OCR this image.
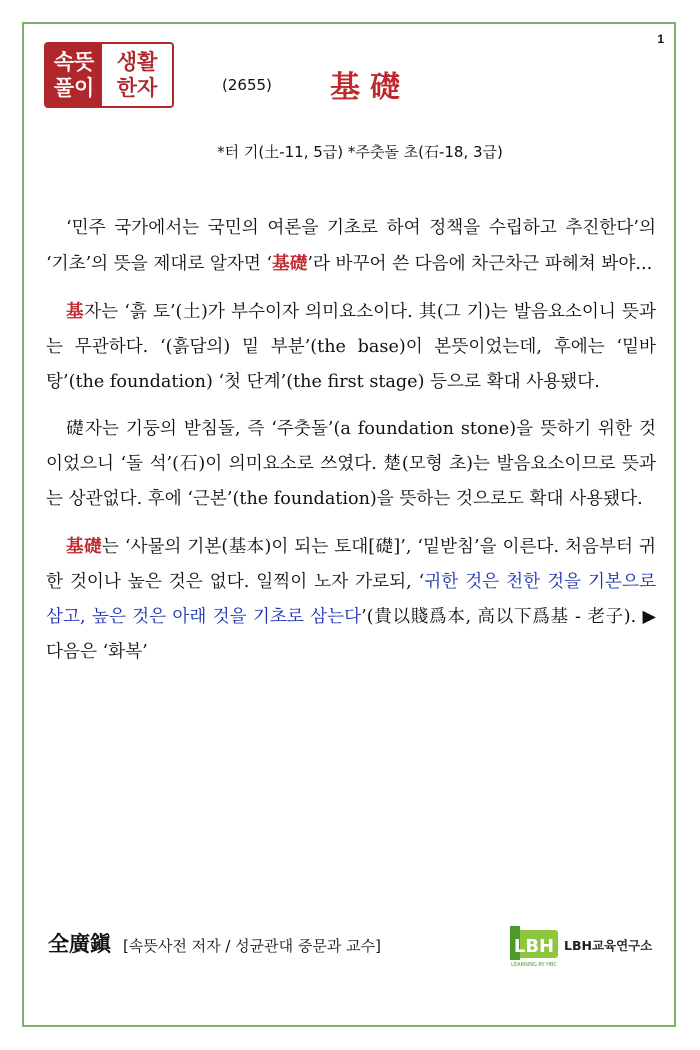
1
속뜻
풀이
생활
한자	(2655) 基礎
*터 기(土-11, 5급) *주춧돌 초(石-18, 3급)

‘민주 국가에서는 국민의 여론을 기초로 하여 정책을 수립하고 추진한다’의 ‘기초’의 뜻을 제대로 알자면 ‘基礎’라 바꾸어 쓴 다음에 차근차근 파헤쳐 봐야...

基자는 ‘흙 토’(土)가 부수이자 의미요소이다. 其(그 기)는 발음요소이니 뜻과는 무관하다. ‘(흙담의) 밑 부분’(the base)이 본뜻이었는데, 후에는 ‘밑바탕’(the foundation) ‘첫 단계’(the first stage) 등으로 확대 사용됐다.

礎자는 기둥의 받침돌, 즉 ‘주춧돌’(a foundation stone)을 뜻하기 위한 것이었으니 ‘돌 석’(石)이 의미요소로 쓰였다. 楚(모형 초)는 발음요소이므로 뜻과는 상관없다. 후에 ‘근본’(the foundation)을 뜻하는 것으로도 확대 사용됐다.

基礎는 ‘사물의 기본(基本)이 되는 토대[礎]’, ‘밑받침’을 이른다. 처음부터 귀한 것이나 높은 것은 없다. 일찍이 노자 가로되, ‘귀한 것은 천한 것을 기본으로 삼고, 높은 것은 아래 것을 기초로 삼는다’(貴以賤爲本, 高以下爲基 - 老子). ▶다음은 ‘화복’

全廣鎭 [속뜻사전 저자 / 성균관대 중문과 교수]	LBH
LEARNING BY HBC
LBH교육연구소
